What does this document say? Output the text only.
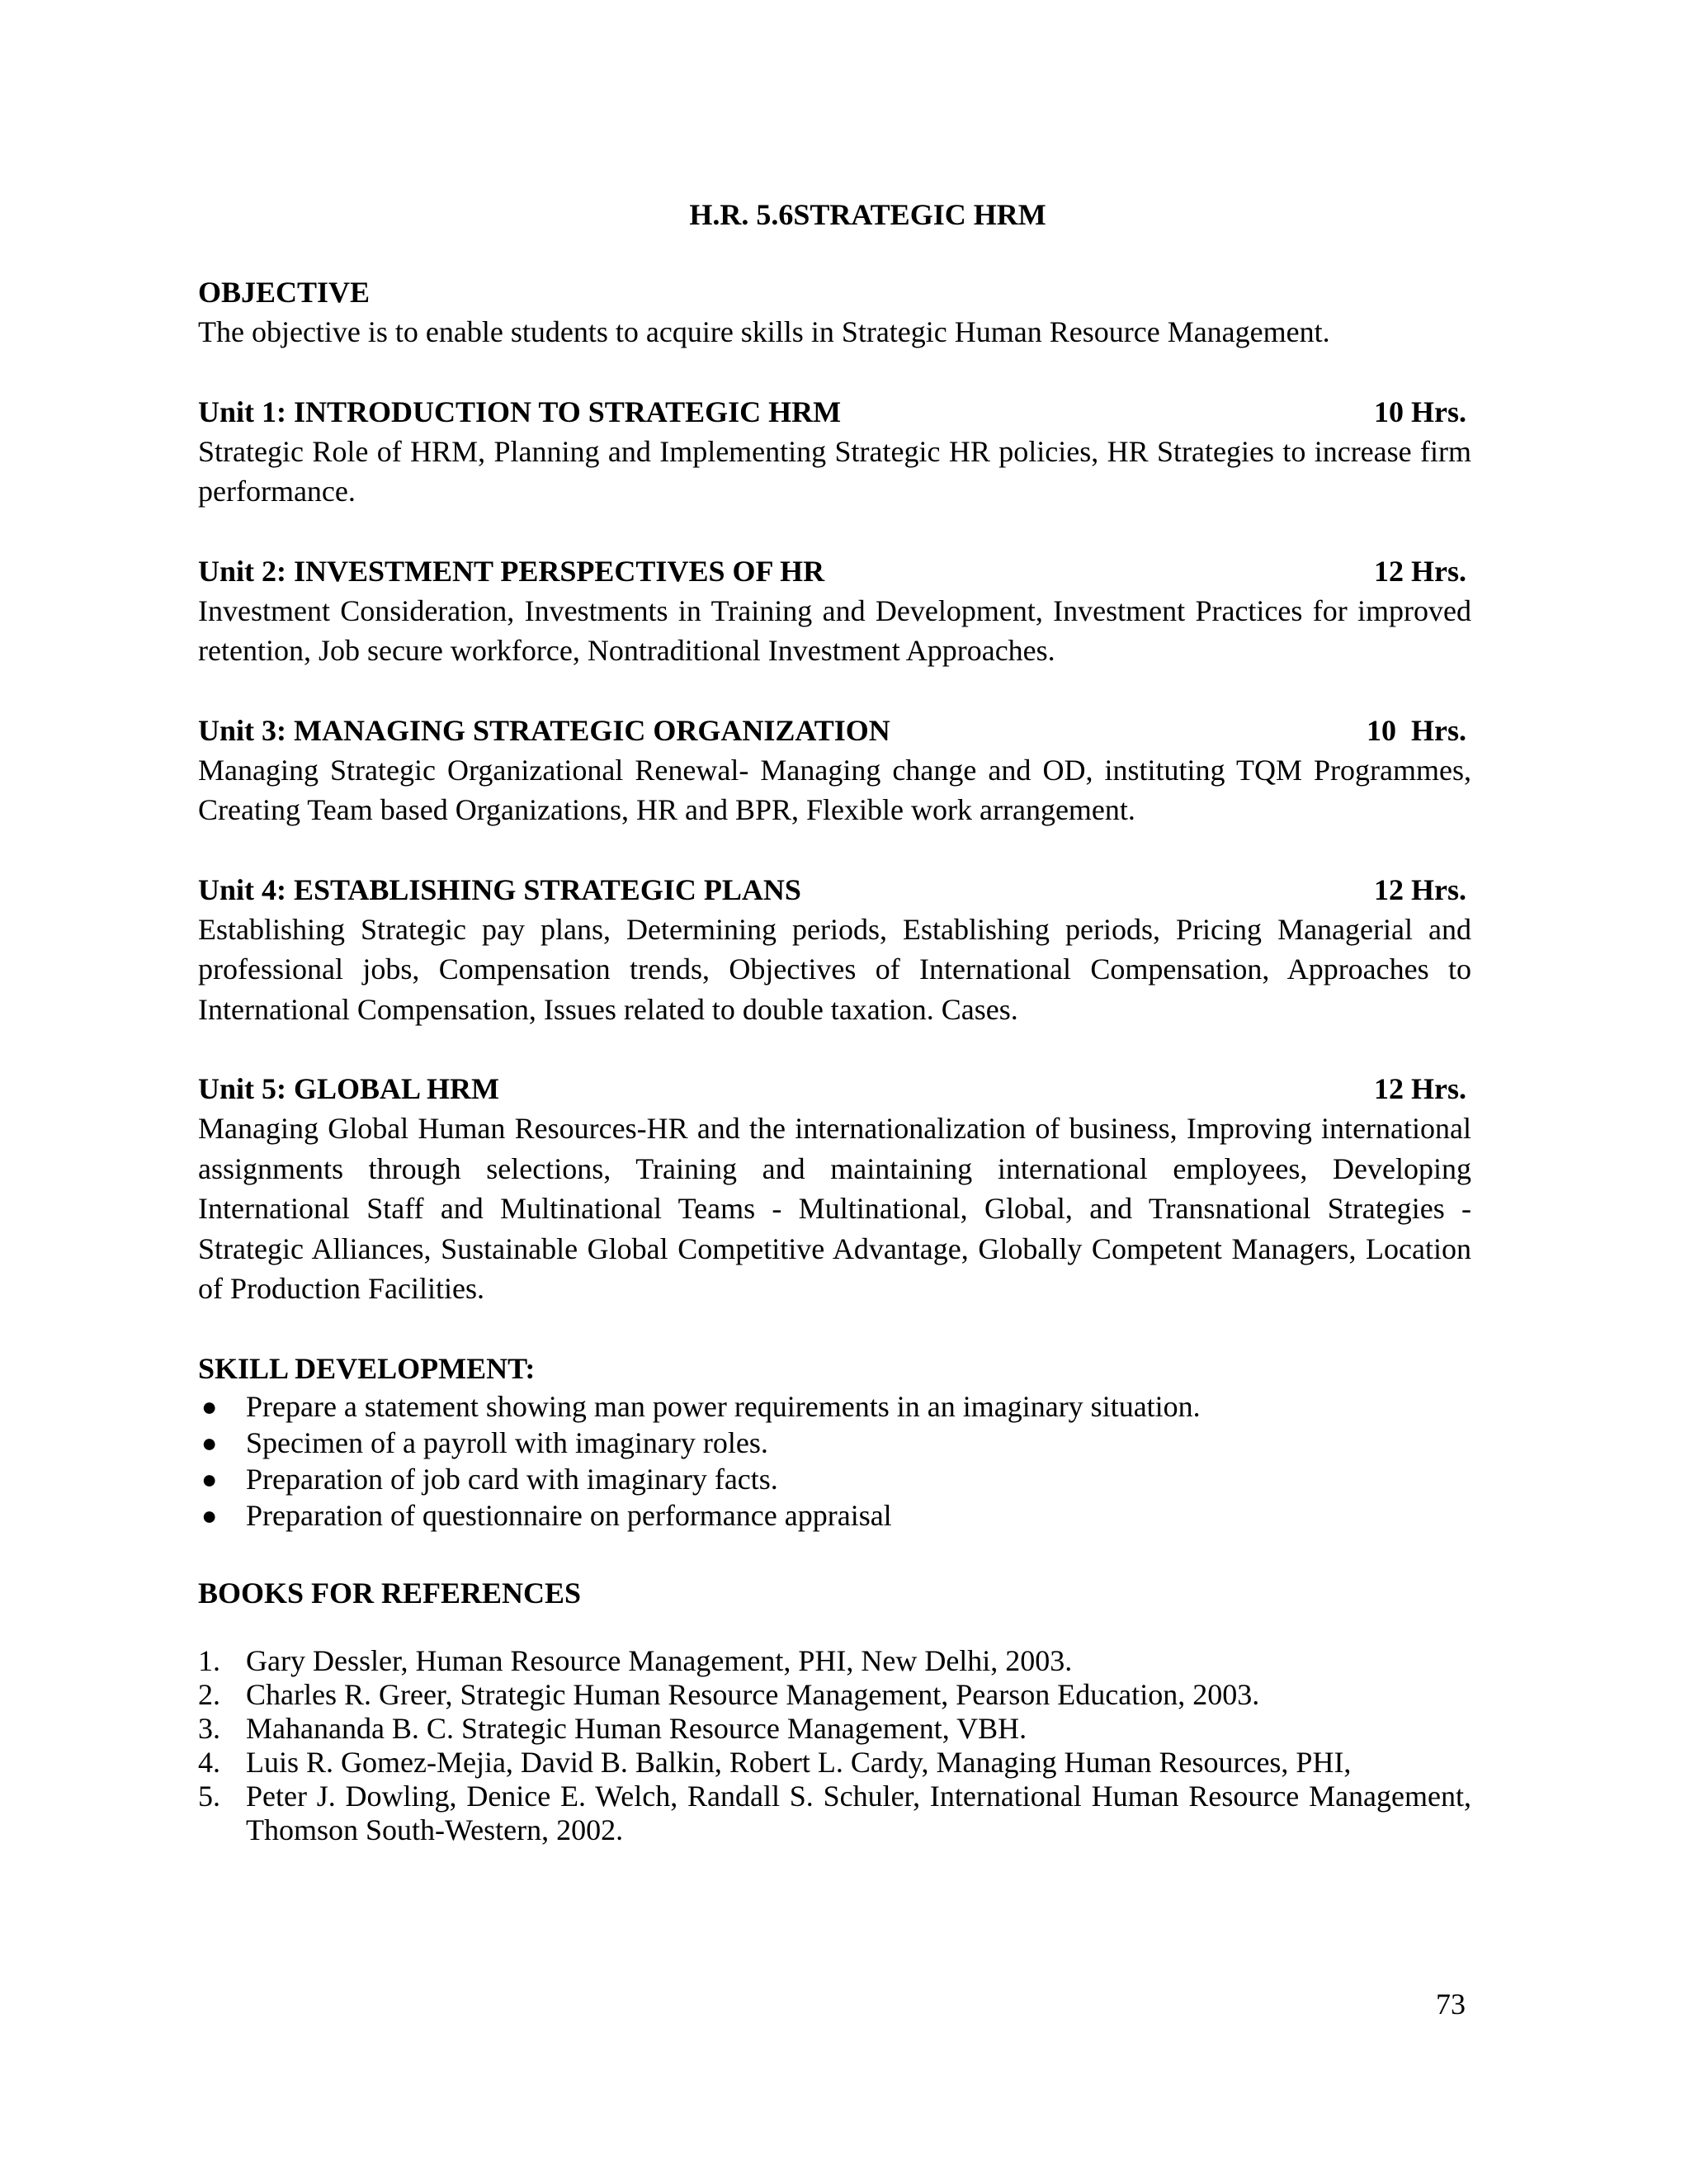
H.R. 5.6STRATEGIC HRM
OBJECTIVE
The objective is to enable students to acquire skills in Strategic Human Resource Management.
Unit 1: INTRODUCTION TO STRATEGIC HRM	10 Hrs.
Strategic Role of HRM, Planning and Implementing Strategic HR policies, HR Strategies to increase firm performance.
Unit 2: INVESTMENT PERSPECTIVES OF HR	12 Hrs.
Investment Consideration, Investments in Training and Development, Investment Practices for improved retention, Job secure workforce, Nontraditional Investment Approaches.
Unit 3: MANAGING STRATEGIC ORGANIZATION	10  Hrs.
Managing Strategic Organizational Renewal- Managing change and OD, instituting TQM Programmes, Creating Team based Organizations, HR and BPR, Flexible work arrangement.
Unit 4: ESTABLISHING STRATEGIC PLANS	12 Hrs.
Establishing Strategic pay plans, Determining periods, Establishing periods, Pricing Managerial and professional jobs, Compensation trends, Objectives of International Compensation, Approaches to International Compensation, Issues related to double taxation. Cases.
Unit 5: GLOBAL HRM	12 Hrs.
Managing Global Human Resources-HR and the internationalization of business, Improving international assignments through selections, Training and maintaining international employees, Developing International Staff and Multinational Teams - Multinational, Global, and Transnational Strategies - Strategic Alliances, Sustainable Global Competitive Advantage, Globally Competent Managers, Location of Production Facilities.
SKILL DEVELOPMENT:
● Prepare a statement showing man power requirements in an imaginary situation.
● Specimen of a payroll with imaginary roles.
● Preparation of job card with imaginary facts.
● Preparation of questionnaire on performance appraisal
BOOKS FOR REFERENCES
1. Gary Dessler, Human Resource Management, PHI, New Delhi, 2003.
2. Charles R. Greer, Strategic Human Resource Management, Pearson Education, 2003.
3. Mahananda B. C. Strategic Human Resource Management, VBH.
4. Luis R. Gomez-Mejia, David B. Balkin, Robert L. Cardy, Managing Human Resources, PHI,
5. Peter J. Dowling, Denice E. Welch, Randall S. Schuler, International Human Resource Management, Thomson South-Western, 2002.
73
